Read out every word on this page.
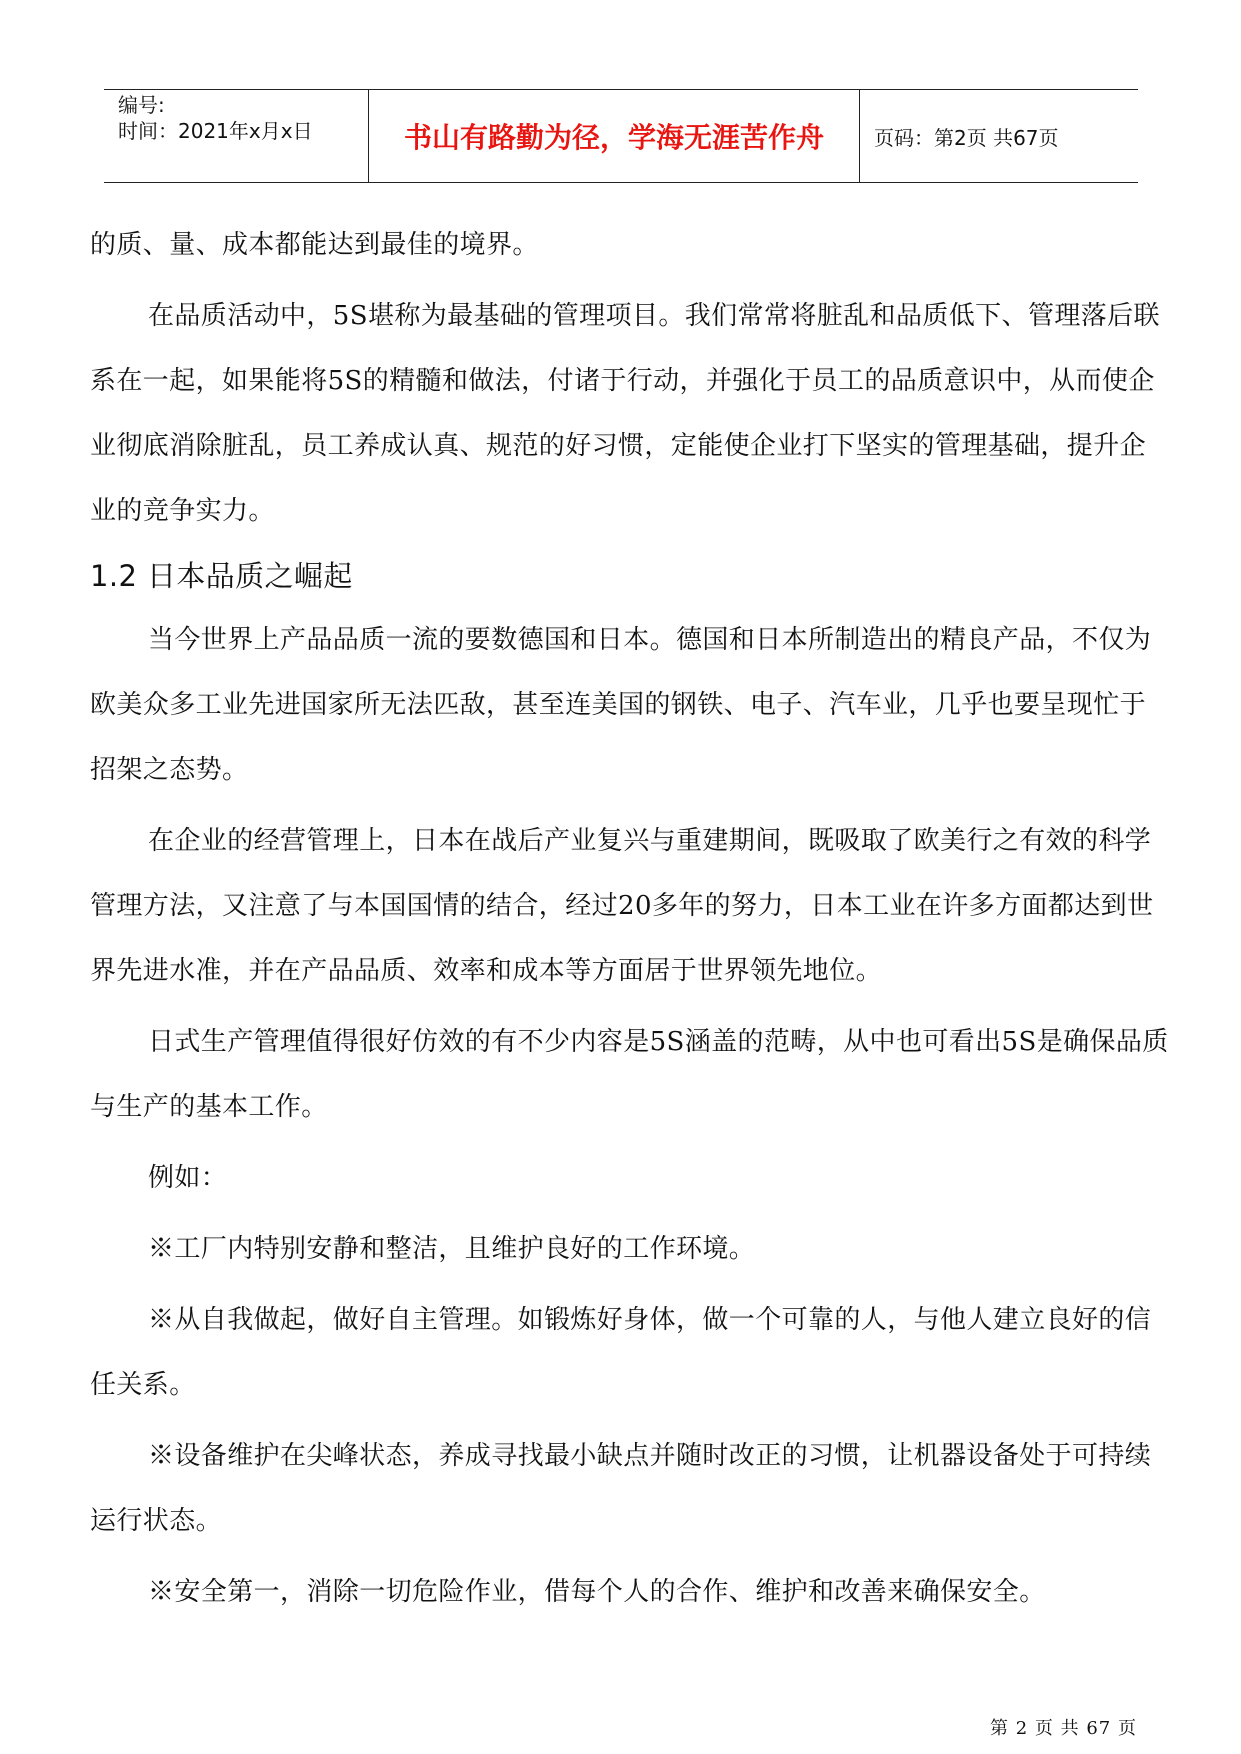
编号:
时间：2021年x月x日	书山有路勤为径，学海无涯苦作舟	页码：第2页 共67页

的质、量、成本都能达到最佳的境界。

在品质活动中，5S堪称为最基础的管理项目。我们常常将脏乱和品质低下、管理落后联系在一起，如果能将5S的精髓和做法，付诸于行动，并强化于员工的品质意识中，从而使企业彻底消除脏乱，员工养成认真、规范的好习惯，定能使企业打下坚实的管理基础，提升企业的竞争实力。

1.2 日本品质之崛起

当今世界上产品品质一流的要数德国和日本。德国和日本所制造出的精良产品，不仅为欧美众多工业先进国家所无法匹敌，甚至连美国的钢铁、电子、汽车业，几乎也要呈现忙于招架之态势。

在企业的经营管理上，日本在战后产业复兴与重建期间，既吸取了欧美行之有效的科学管理方法，又注意了与本国国情的结合，经过20多年的努力，日本工业在许多方面都达到世界先进水准，并在产品品质、效率和成本等方面居于世界领先地位。

日式生产管理值得很好仿效的有不少内容是5S涵盖的范畴，从中也可看出5S是确保品质与生产的基本工作。

例如：

※工厂内特别安静和整洁，且维护良好的工作环境。

※从自我做起，做好自主管理。如锻炼好身体，做一个可靠的人，与他人建立良好的信任关系。

※设备维护在尖峰状态，养成寻找最小缺点并随时改正的习惯，让机器设备处于可持续运行状态。

※安全第一，消除一切危险作业，借每个人的合作、维护和改善来确保安全。

第 2 页 共 67 页
